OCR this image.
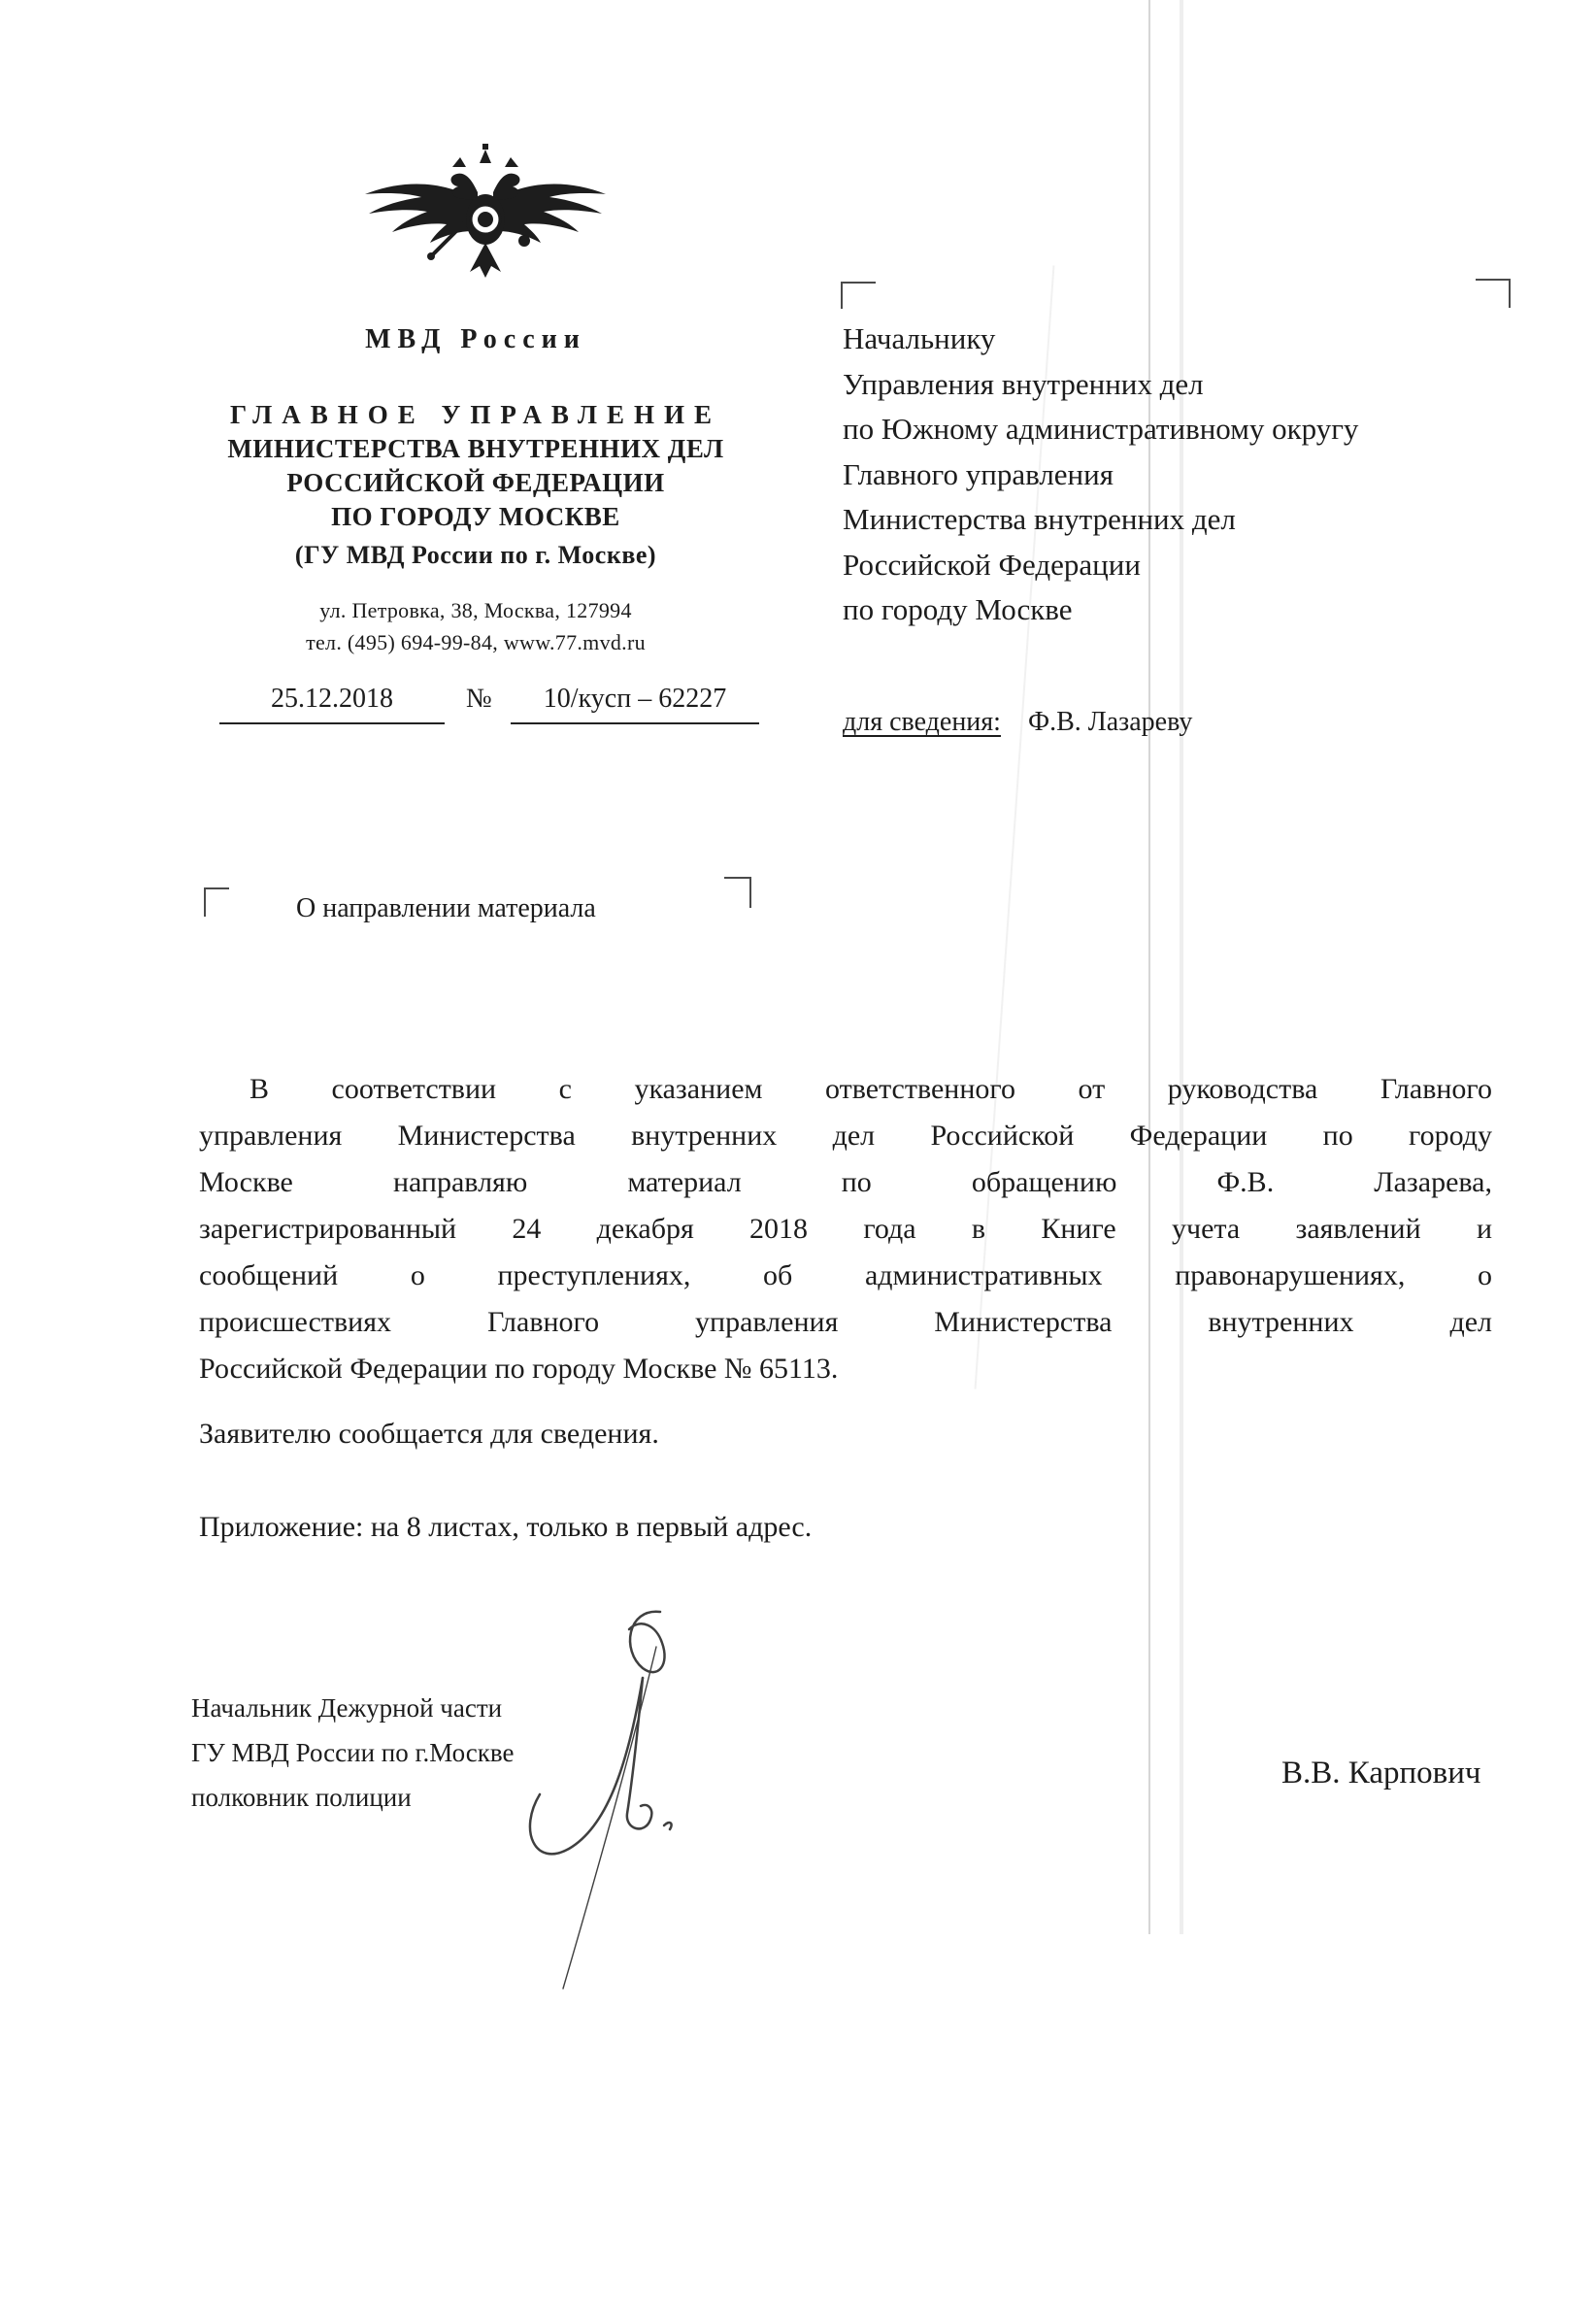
МВД России
ГЛАВНОЕ УПРАВЛЕНИЕ
МИНИСТЕРСТВА ВНУТРЕННИХ ДЕЛ
РОССИЙСКОЙ ФЕДЕРАЦИИ
ПО ГОРОДУ МОСКВЕ
(ГУ МВД России по г. Москве)
ул. Петровка, 38, Москва, 127994
тел. (495) 694-99-84, www.77.mvd.ru
25.12.2018	№	10/кусп – 62227
Начальнику
Управления внутренних дел
по Южному административному округу
Главного управления
Министерства внутренних дел
Российской Федерации
по городу Москве
для сведения: Ф.В. Лазареву
О направлении материала
В соответствии с указанием ответственного от руководства Главного
управления Министерства внутренних дел Российской Федерации по городу
Москве направляю материал по обращению Ф.В. Лазарева,
зарегистрированный 24 декабря 2018 года в Книге учета заявлений и
сообщений о преступлениях, об административных правонарушениях, о
происшествиях Главного управления Министерства внутренних дел
Российской Федерации по городу Москве № 65113.
Заявителю сообщается для сведения.
Приложение: на 8 листах, только в первый адрес.
Начальник Дежурной части
ГУ МВД России по г.Москве
полковник полиции
В.В. Карпович
